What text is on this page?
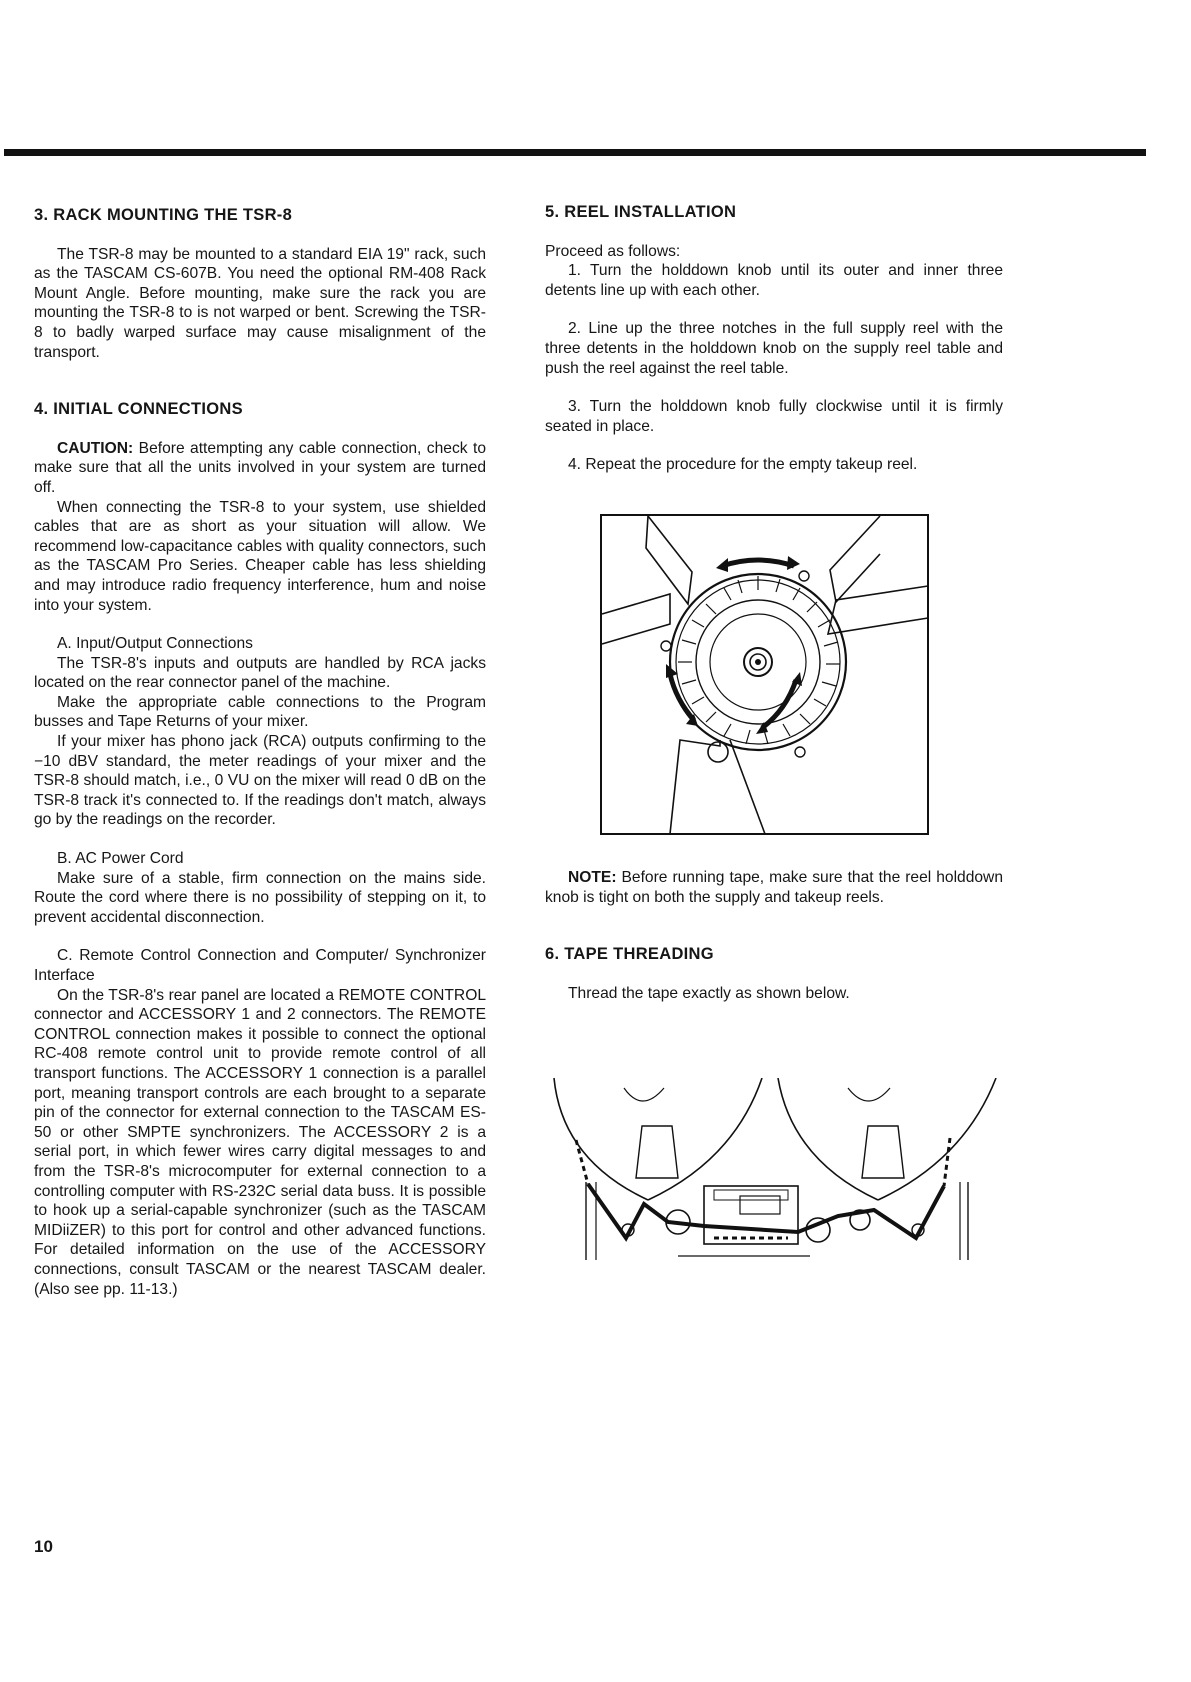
3. RACK MOUNTING THE TSR-8

The TSR-8 may be mounted to a standard EIA 19" rack, such as the TASCAM CS-607B. You need the optional RM-408 Rack Mount Angle. Before mounting, make sure the rack you are mounting the TSR-8 to is not warped or bent. Screwing the TSR-8 to badly warped surface may cause misalignment of the transport.

4. INITIAL CONNECTIONS

CAUTION: Before attempting any cable connection, check to make sure that all the units involved in your system are turned off.

When connecting the TSR-8 to your system, use shielded cables that are as short as your situation will allow. We recommend low-capacitance cables with quality connectors, such as the TASCAM Pro Series. Cheaper cable has less shielding and may introduce radio frequency interference, hum and noise into your system.

A. Input/Output Connections

The TSR-8's inputs and outputs are handled by RCA jacks located on the rear connector panel of the machine.

Make the appropriate cable connections to the Program busses and Tape Returns of your mixer.

If your mixer has phono jack (RCA) outputs confirming to the −10 dBV standard, the meter readings of your mixer and the TSR-8 should match, i.e., 0 VU on the mixer will read 0 dB on the TSR-8 track it's connected to. If the readings don't match, always go by the readings on the recorder.

B. AC Power Cord

Make sure of a stable, firm connection on the mains side. Route the cord where there is no possibility of stepping on it, to prevent accidental disconnection.

C. Remote Control Connection and Computer/ Synchronizer Interface

On the TSR-8's rear panel are located a REMOTE CONTROL connector and ACCESSORY 1 and 2 connectors. The REMOTE CONTROL connection makes it possible to connect the optional RC-408 remote control unit to provide remote control of all transport functions. The ACCESSORY 1 connection is a parallel port, meaning transport controls are each brought to a separate pin of the connector for external connection to the TASCAM ES-50 or other SMPTE synchronizers. The ACCESSORY 2 is a serial port, in which fewer wires carry digital messages to and from the TSR-8's microcomputer for external connection to a controlling computer with RS-232C serial data buss. It is possible to hook up a serial-capable synchronizer (such as the TASCAM MIDiiZER) to this port for control and other advanced functions. For detailed information on the use of the ACCESSORY connections, consult TASCAM or the nearest TASCAM dealer. (Also see pp. 11-13.)

5. REEL INSTALLATION

Proceed as follows:

1. Turn the holddown knob until its outer and inner three detents line up with each other.

2. Line up the three notches in the full supply reel with the three detents in the holddown knob on the supply reel table and push the reel against the reel table.

3. Turn the holddown knob fully clockwise until it is firmly seated in place.

4. Repeat the procedure for the empty takeup reel.

NOTE: Before running tape, make sure that the reel holddown knob is tight on both the supply and takeup reels.

6. TAPE THREADING

Thread the tape exactly as shown below.

10
